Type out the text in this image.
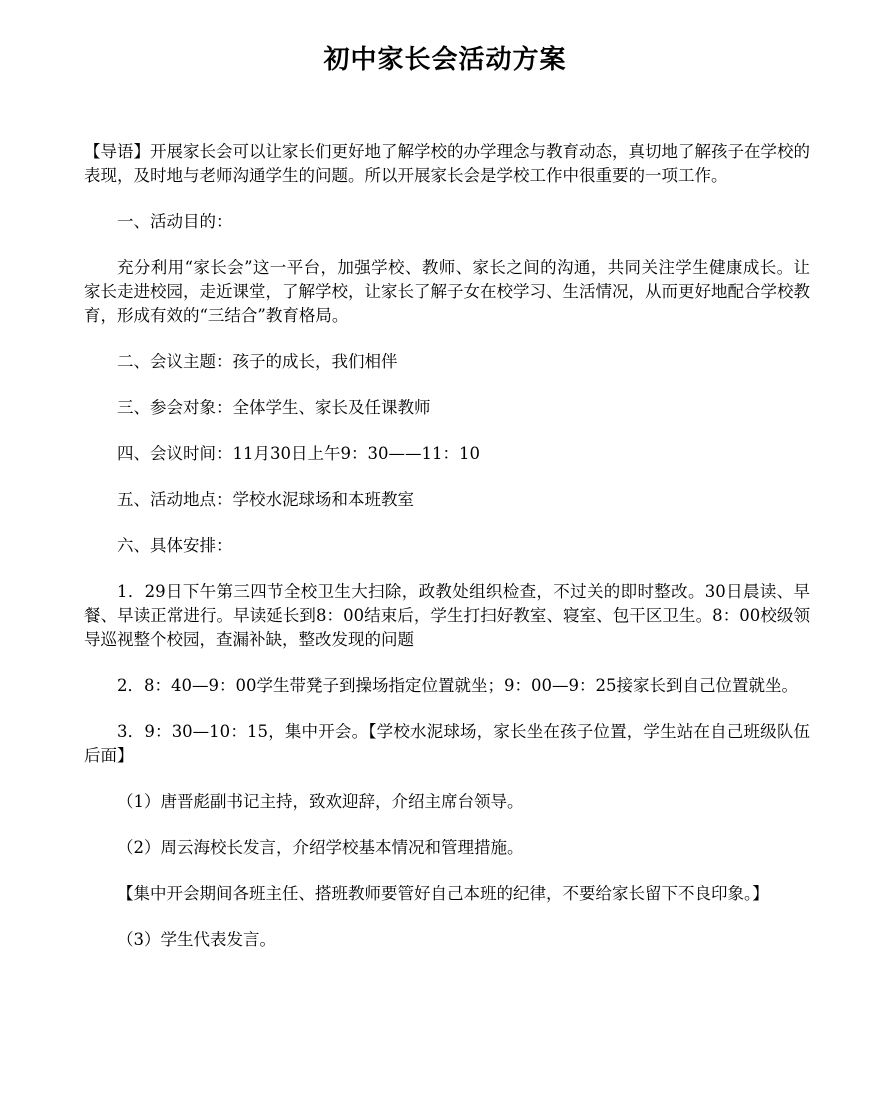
初中家长会活动方案

【导语】开展家长会可以让家长们更好地了解学校的办学理念与教育动态，真切地了解孩子在学校的表现，及时地与老师沟通学生的问题。所以开展家长会是学校工作中很重要的一项工作。

一、活动目的：

充分利用“家长会”这一平台，加强学校、教师、家长之间的沟通，共同关注学生健康成长。让家长走进校园，走近课堂，了解学校，让家长了解子女在校学习、生活情况，从而更好地配合学校教育，形成有效的“三结合”教育格局。

二、会议主题：孩子的成长，我们相伴

三、参会对象：全体学生、家长及任课教师

四、会议时间：11月30日上午9：30——11：10

五、活动地点：学校水泥球场和本班教室

六、具体安排：

1．29日下午第三四节全校卫生大扫除，政教处组织检查，不过关的即时整改。30日晨读、早餐、早读正常进行。早读延长到8：00结束后，学生打扫好教室、寝室、包干区卫生。8：00校级领导巡视整个校园，查漏补缺，整改发现的问题

2．8：40—9：00学生带凳子到操场指定位置就坐；9：00—9：25接家长到自己位置就坐。

3．9：30—10：15，集中开会。【学校水泥球场，家长坐在孩子位置，学生站在自己班级队伍后面】

（1）唐晋彪副书记主持，致欢迎辞，介绍主席台领导。

（2）周云海校长发言，介绍学校基本情况和管理措施。

【集中开会期间各班主任、搭班教师要管好自己本班的纪律，不要给家长留下不良印象。】

（3）学生代表发言。
